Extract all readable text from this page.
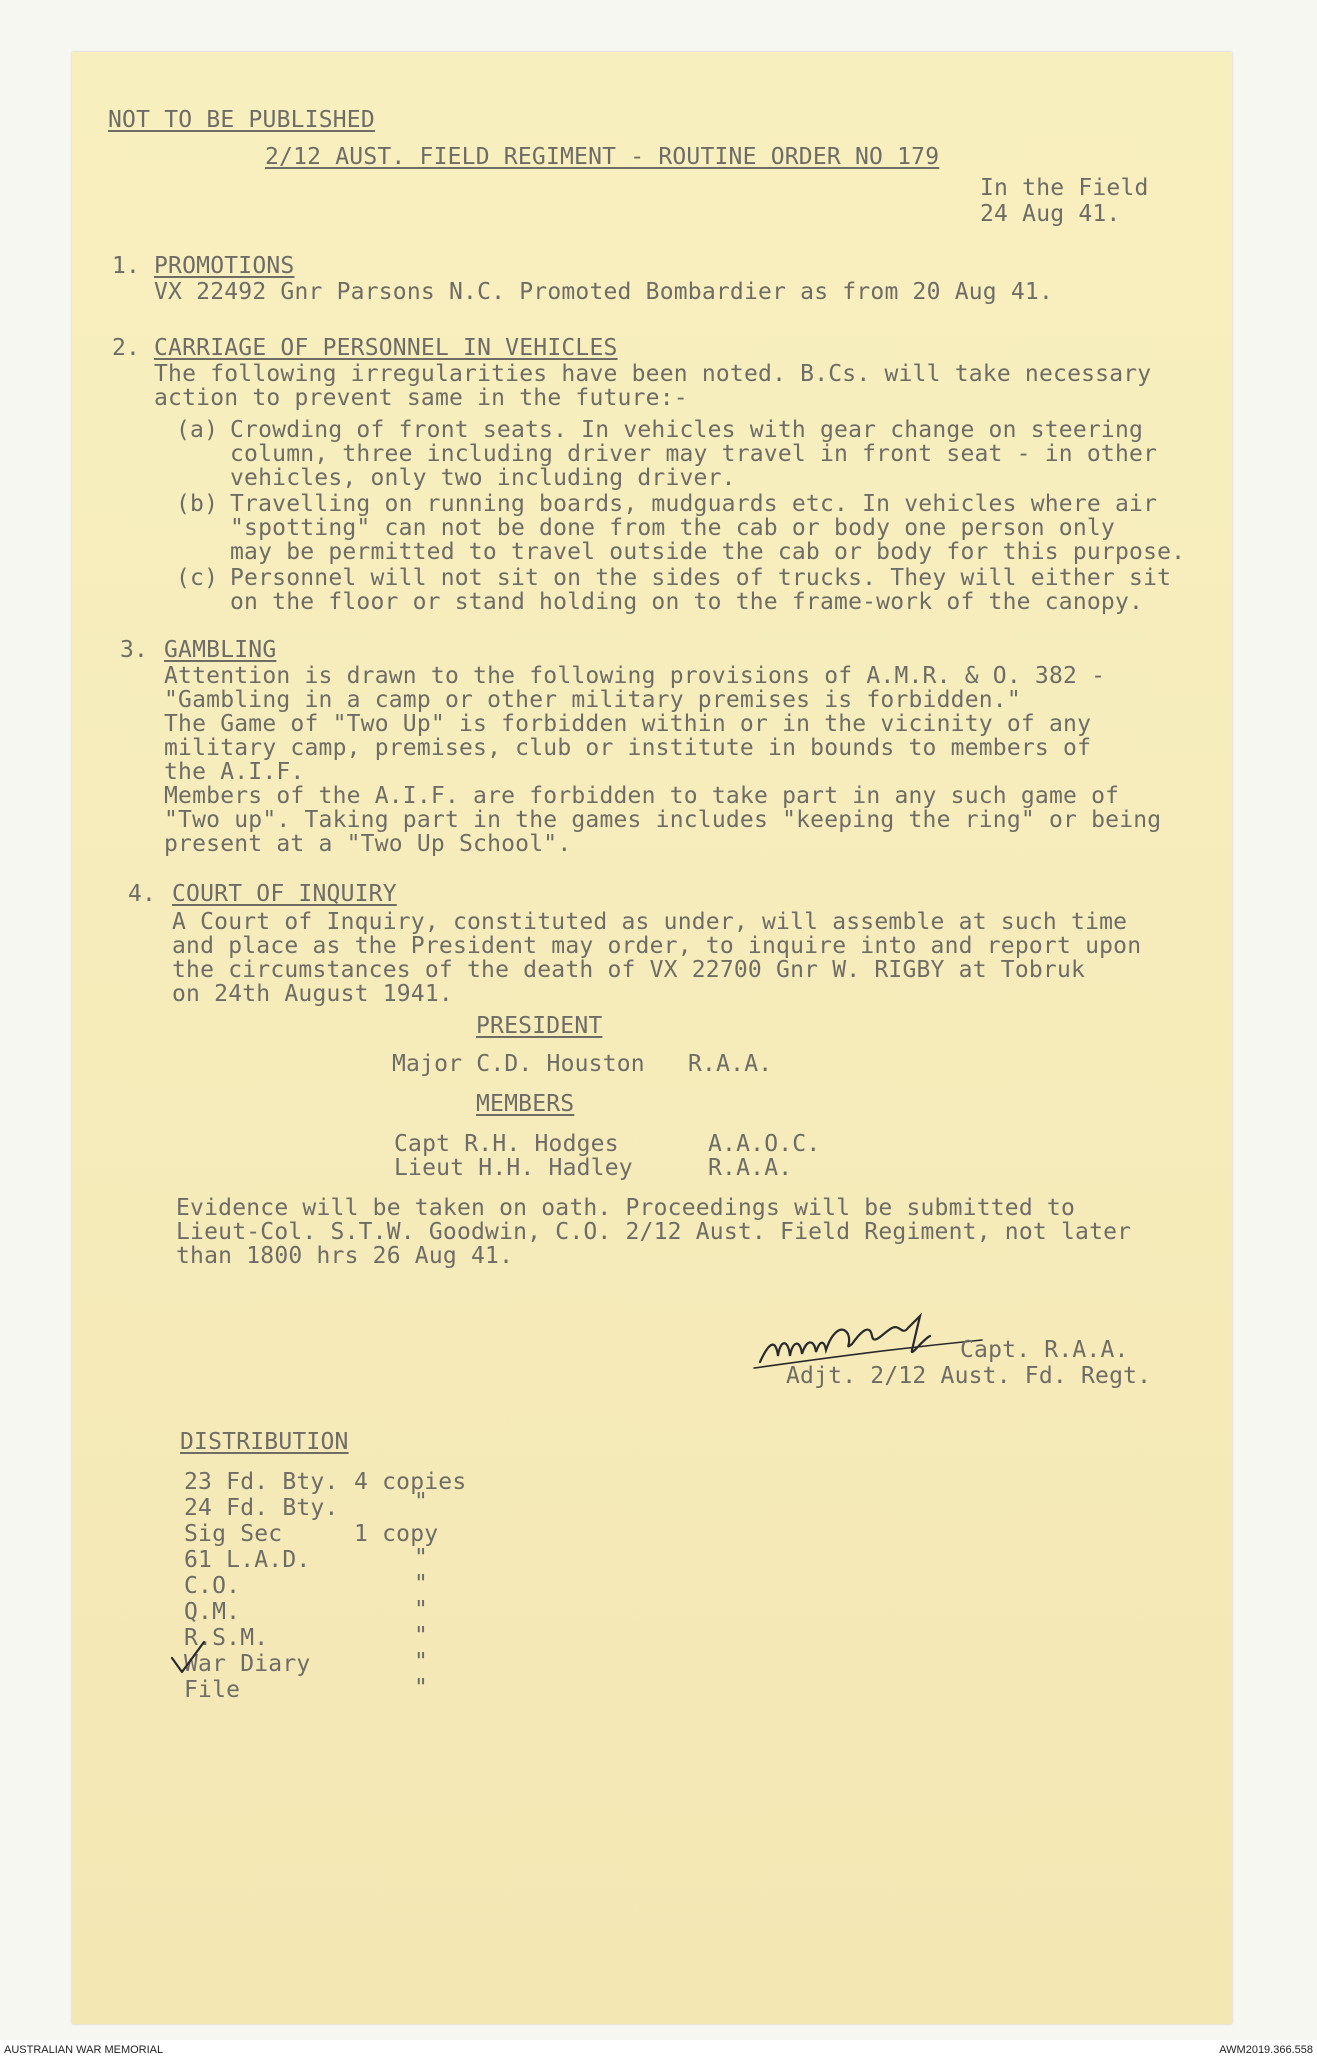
NOT TO BE PUBLISHED
2/12 AUST. FIELD REGIMENT - ROUTINE ORDER NO 179
In the Field
24 Aug 41.
1. PROMOTIONS
VX 22492 Gnr Parsons N.C. Promoted Bombardier as from 20 Aug 41.
2. CARRIAGE OF PERSONNEL IN VEHICLES
The following irregularities have been noted. B.Cs. will take necessary
action to prevent same in the future:-
(a) Crowding of front seats. In vehicles with gear change on steering
column, three including driver may travel in front seat - in other
vehicles, only two including driver.
(b) Travelling on running boards, mudguards etc. In vehicles where air
"spotting" can not be done from the cab or body one person only
may be permitted to travel outside the cab or body for this purpose.
(c) Personnel will not sit on the sides of trucks. They will either sit
on the floor or stand holding on to the frame-work of the canopy.
3. GAMBLING
Attention is drawn to the following provisions of A.M.R. & O. 382 -
"Gambling in a camp or other military premises is forbidden."
The Game of "Two Up" is forbidden within or in the vicinity of any
military camp, premises, club or institute in bounds to members of
the A.I.F.
Members of the A.I.F. are forbidden to take part in any such game of
"Two up". Taking part in the games includes "keeping the ring" or being
present at a "Two Up School".
4. COURT OF INQUIRY
A Court of Inquiry, constituted as under, will assemble at such time
and place as the President may order, to inquire into and report upon
the circumstances of the death of VX 22700 Gnr W. RIGBY at Tobruk
on 24th August 1941.
PRESIDENT
Major C.D. Houston R.A.A.
MEMBERS
Capt R.H. Hodges	A.A.O.C.
Lieut H.H. Hadley	R.A.A.
Evidence will be taken on oath. Proceedings will be submitted to
Lieut-Col. S.T.W. Goodwin, C.O. 2/12 Aust. Field Regiment, not later
than 1800 hrs 26 Aug 41.
Capt. R.A.A.
Adjt. 2/12 Aust. Fd. Regt.
DISTRIBUTION
23 Fd. Bty. 4 copies
24 Fd. Bty.	"
Sig Sec	1 copy
61 L.A.D.	"
C.O.	"
Q.M.	"
R.S.M.	"
War Diary	"
File	"
AUSTRALIAN WAR MEMORIAL	AWM2019.366.558
